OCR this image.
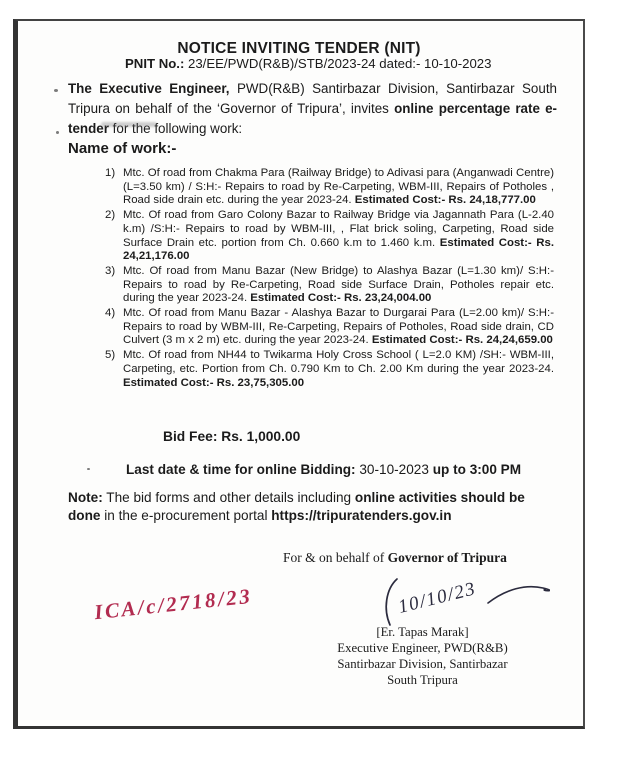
NOTICE INVITING TENDER (NIT)

PNIT No.: 23/EE/PWD(R&B)/STB/2023-24 dated:- 10-10-2023

The Executive Engineer, PWD(R&B) Santirbazar Division, Santirbazar South Tripura on behalf of the ‘Governor of Tripura’, invites online percentage rate e-tender for the following work:

Name of work:-
1) Mtc. Of road from Chakma Para (Railway Bridge) to Adivasi para (Anganwadi Centre) (L=3.50 km) / S:H:- Repairs to road by Re-Carpeting, WBM-III, Repairs of Potholes , Road side drain etc. during the year 2023-24. Estimated Cost:- Rs. 24,18,777.00
2) Mtc. Of road from Garo Colony Bazar to Railway Bridge via Jagannath Para (L-2.40 k.m) /S:H:- Repairs to road by WBM-III, , Flat brick soling, Carpeting, Road side Surface Drain etc. portion from Ch. 0.660 k.m to 1.460 k.m. Estimated Cost:- Rs. 24,21,176.00
3) Mtc. Of road from Manu Bazar (New Bridge) to Alashya Bazar (L=1.30 km)/ S:H:- Repairs to road by Re-Carpeting, Road side Surface Drain, Potholes repair etc. during the year 2023-24. Estimated Cost:- Rs. 23,24,004.00
4) Mtc. Of road from Manu Bazar - Alashya Bazar to Durgarai Para (L=2.00 km)/ S:H:- Repairs to road by WBM-III, Re-Carpeting, Repairs of Potholes, Road side drain, CD Culvert (3 m x 2 m) etc. during the year 2023-24. Estimated Cost:- Rs. 24,24,659.00
5) Mtc. Of road from NH44 to Twikarma Holy Cross School ( L=2.0 KM) /SH:- WBM-III, Carpeting, etc. Portion from Ch. 0.790 Km to Ch. 2.00 Km during the year 2023-24. Estimated Cost:- Rs. 23,75,305.00

Bid Fee: Rs. 1,000.00

Last date & time for online Bidding: 30-10-2023 up to 3:00 PM

Note: The bid forms and other details including online activities should be done in the e-procurement portal https://tripuratenders.gov.in

For & on behalf of Governor of Tripura

ICA/c/2718/23	10/10/23
[Er. Tapas Marak]
Executive Engineer, PWD(R&B)
Santirbazar Division, Santirbazar
South Tripura
